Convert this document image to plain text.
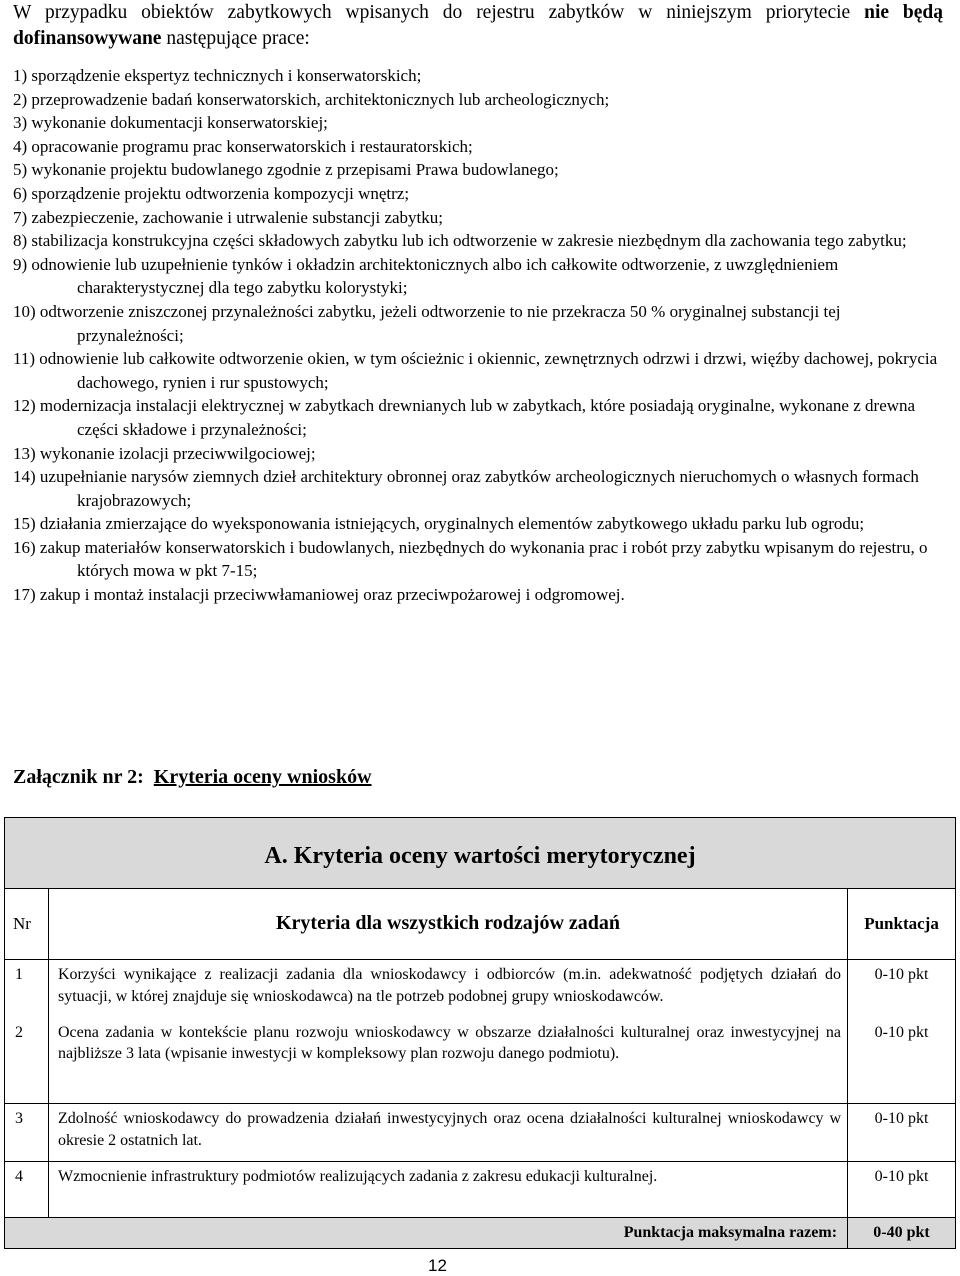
W przypadku obiektów zabytkowych wpisanych do rejestru zabytków w niniejszym priorytecie nie będą dofinansowywane następujące prace:

1) sporządzenie ekspertyz technicznych i konserwatorskich;
2) przeprowadzenie badań konserwatorskich, architektonicznych lub archeologicznych;
3) wykonanie dokumentacji konserwatorskiej;
4) opracowanie programu prac konserwatorskich i restauratorskich;
5) wykonanie projektu budowlanego zgodnie z przepisami Prawa budowlanego;
6) sporządzenie projektu odtworzenia kompozycji wnętrz;
7) zabezpieczenie, zachowanie i utrwalenie substancji zabytku;
8) stabilizacja konstrukcyjna części składowych zabytku lub ich odtworzenie w zakresie niezbędnym dla zachowania tego zabytku;
9) odnowienie lub uzupełnienie tynków i okładzin architektonicznych albo ich całkowite odtworzenie, z uwzględnieniem charakterystycznej dla tego zabytku kolorystyki;
10) odtworzenie zniszczonej przynależności zabytku, jeżeli odtworzenie to nie przekracza 50 % oryginalnej substancji tej przynależności;
11) odnowienie lub całkowite odtworzenie okien, w tym ościeżnic i okiennic, zewnętrznych odrzwi i drzwi, więźby dachowej, pokrycia dachowego, rynien i rur spustowych;
12) modernizacja instalacji elektrycznej w zabytkach drewnianych lub w zabytkach, które posiadają oryginalne, wykonane z drewna części składowe i przynależności;
13) wykonanie izolacji przeciwwilgociowej;
14) uzupełnianie narysów ziemnych dzieł architektury obronnej oraz zabytków archeologicznych nieruchomych o własnych formach krajobrazowych;
15) działania zmierzające do wyeksponowania istniejących, oryginalnych elementów zabytkowego układu parku lub ogrodu;
16) zakup materiałów konserwatorskich i budowlanych, niezbędnych do wykonania prac i robót przy zabytku wpisanym do rejestru, o których mowa w pkt 7-15;
17) zakup i montaż instalacji przeciwwłamaniowej oraz przeciwpożarowej i odgromowej.
Załącznik nr 2: Kryteria oceny wniosków
A. Kryteria oceny wartości merytorycznej		
Nr	Kryteria dla wszystkich rodzajów zadań	Punktacja
1	Korzyści wynikające z realizacji zadania dla wnioskodawcy i odbiorców (m.in. adekwatność podjętych działań do sytuacji, w której znajduje się wnioskodawca) na tle potrzeb podobnej grupy wnioskodawców.	0-10 pkt
2	Ocena zadania w kontekście planu rozwoju wnioskodawcy w obszarze działalności kulturalnej oraz inwestycyjnej na najbliższe 3 lata (wpisanie inwestycji w kompleksowy plan rozwoju danego podmiotu).	0-10 pkt
3	Zdolność wnioskodawcy do prowadzenia działań inwestycyjnych oraz ocena działalności kulturalnej wnioskodawcy w okresie 2 ostatnich lat.	0-10 pkt
4	Wzmocnienie infrastruktury podmiotów realizujących zadania z zakresu edukacji kulturalnej.	0-10 pkt
Punktacja maksymalna razem:		0-40 pkt
12
